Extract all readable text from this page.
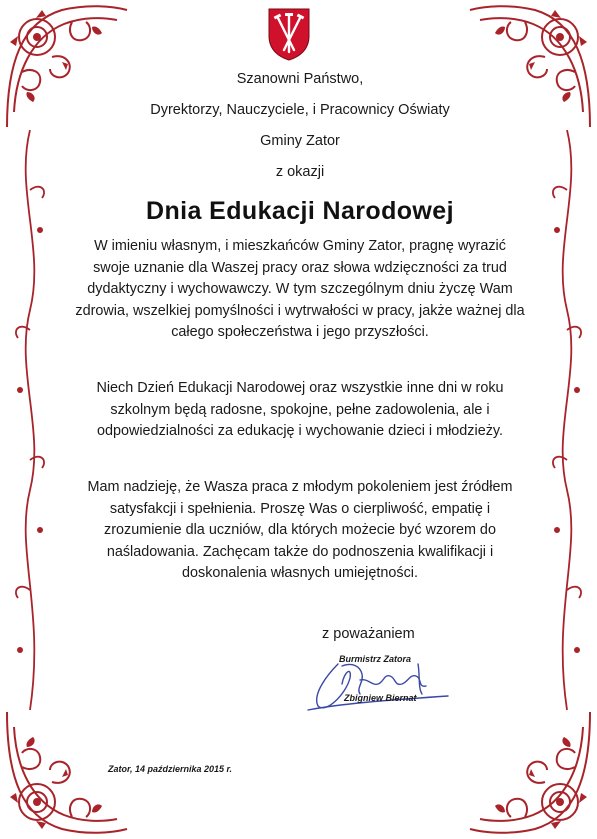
Szanowni Państwo,
Dyrektorzy, Nauczyciele, i Pracownicy Oświaty
Gminy Zator
z okazji
Dnia Edukacji Narodowej
W imieniu własnym, i mieszkańców Gminy Zator, pragnę wyrazić swoje uznanie dla Waszej pracy oraz słowa wdzięczności za trud dydaktyczny i wychowawczy. W tym szczególnym dniu życzę Wam zdrowia, wszelkiej pomyślności i wytrwałości w pracy, jakże ważnej dla całego społeczeństwa i jego przyszłości.
Niech Dzień Edukacji Narodowej oraz wszystkie inne dni w roku szkolnym będą radosne, spokojne, pełne zadowolenia, ale i odpowiedzialności za edukację i wychowanie dzieci i młodzieży.
Mam nadzieję, że Wasza praca z młodym pokoleniem jest źródłem satysfakcji i spełnienia. Proszę Was o cierpliwość, empatię i zrozumienie dla uczniów, dla których możecie być wzorem do naśladowania. Zachęcam także do podnoszenia kwalifikacji i doskonalenia własnych umiejętności.
z poważaniem
Burmistrz Zatora
Zbigniew Biernat
Zator, 14 października 2015 r.
